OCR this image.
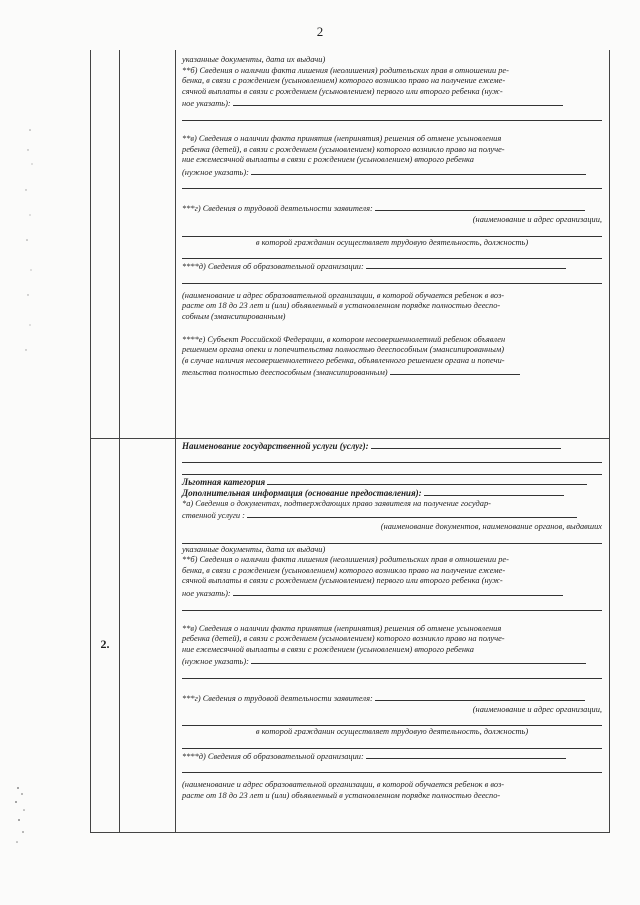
2
2.

указанные документы, дата их выдачи)

**б) Сведения о наличии факта лишения (неолишения) родительских прав в отношении ре-

бенка, в связи с рождением (усыновлением) которого возникло право на получение ежеме-

сячной выплаты в связи с рождением (усыновлением) первого или второго ребенка (нуж-

ное указать):

**в) Сведения о наличии факта принятия (непринятия) решения об отмене усыновления

ребенка (детей), в связи с рождением (усыновлением) которого возникло право на получе-

ние ежемесячной выплаты в связи с рождением (усыновлением) второго ребенка

(нужное указать):

***г) Сведения о трудовой деятельности заявителя:

(наименование и адрес организации,

в которой гражданин осуществляет трудовую деятельность, должность)

****д) Сведения об образовательной организации:

(наименование и адрес образовательной организации, в которой обучается ребенок в воз-

расте от 18 до 23 лет и (или) объявленный в установленном порядке полностью дееспо-

собным (эмансипированным)

****е) Субъект Российской Федерации, в котором несовершеннолетний ребенок объявлен

решением органа опеки и попечительства полностью дееспособным (эмансипированным)

(в случае наличия несовершеннолетнего ребенка, объявленного решением органа и попечи-

тельства полностью дееспособным (эмансипированным)

Наименование государственной услуги (услуг):

Льготная категория

Дополнительная информация (основание предоставления):

*а) Сведения о документах, подтверждающих право заявителя на получение государ-

ственной услуги :

(наименование документов, наименование органов, выдавших

указанные документы, дата их выдачи)

**б) Сведения о наличии факта лишения (неолишения) родительских прав в отношении ре-

бенка, в связи с рождением (усыновлением) которого возникло право на получение ежеме-

сячной выплаты в связи с рождением (усыновлением) первого или второго ребенка (нуж-

ное указать):

**в) Сведения о наличии факта принятия (непринятия) решения об отмене усыновления

ребенка (детей), в связи с рождением (усыновлением) которого возникло право на получе-

ние ежемесячной выплаты в связи с рождением (усыновлением) второго ребенка

(нужное указать):

***г) Сведения о трудовой деятельности заявителя:

(наименование и адрес организации,

в которой гражданин осуществляет трудовую деятельность, должность)

****д) Сведения об образовательной организации:

(наименование и адрес образовательной организации, в которой обучается ребенок в воз-

расте от 18 до 23 лет и (или) объявленный в установленном порядке полностью дееспо-
